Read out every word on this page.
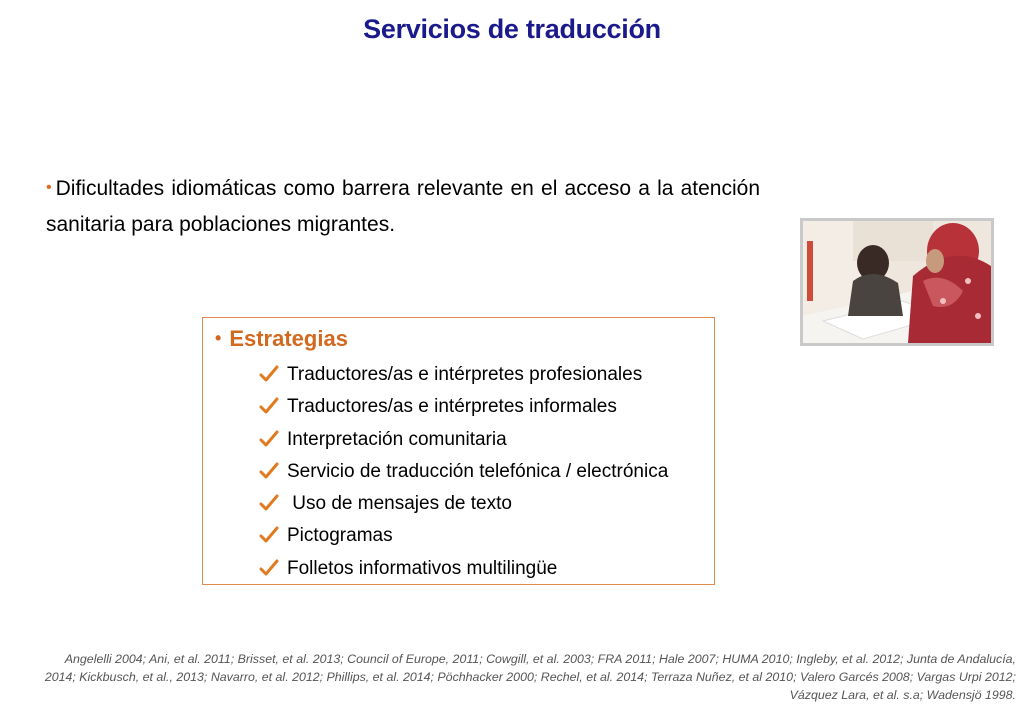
Servicios de traducción
• Dificultades idiomáticas como barrera relevante en el acceso a la atención sanitaria para poblaciones migrantes.
• Estrategias
Traductores/as e intérpretes profesionales
Traductores/as e intérpretes informales
Interpretación comunitaria
Servicio de traducción telefónica / electrónica
Uso de mensajes de texto
Pictogramas
Folletos informativos multilingüe
Angelelli 2004; Ani, et al. 2011; Brisset, et al. 2013; Council of Europe, 2011; Cowgill, et al. 2003; FRA 2011; Hale 2007; HUMA 2010; Ingleby, et al. 2012; Junta de Andalucía, 2014; Kickbusch, et al., 2013; Navarro, et al. 2012; Phillips, et al. 2014; Pöchhacker 2000; Rechel, et al. 2014; Terraza Nuñez, et al 2010; Valero Garcés 2008; Vargas Urpi 2012; Vázquez Lara, et al. s.a; Wadensjö 1998.
